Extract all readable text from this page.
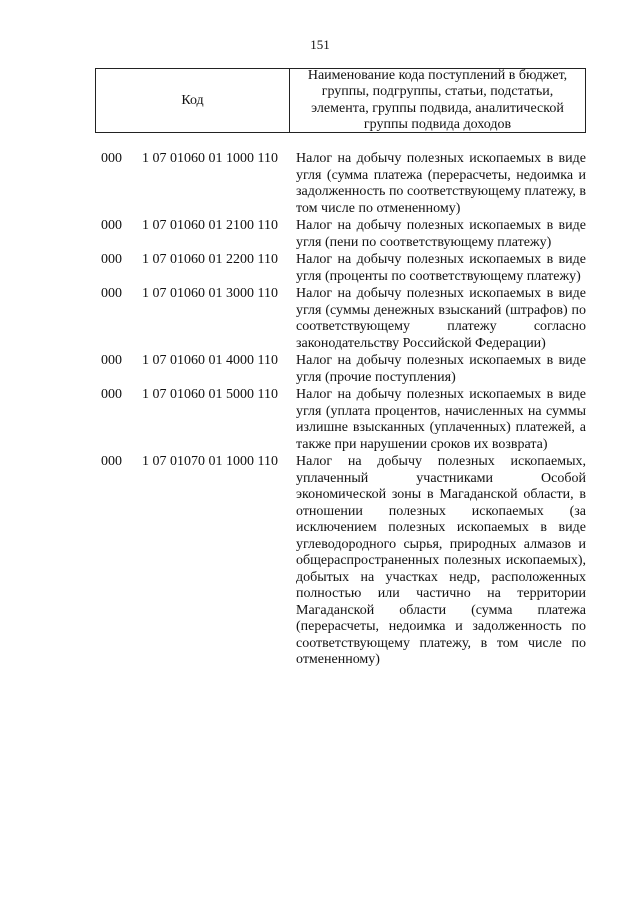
151
Код
Наименование кода поступлений в бюджет, группы, подгруппы, статьи, подстатьи, элемента, группы подвида, аналитической группы подвида доходов
000 1 07 01060 01 1000 110 Налог на добычу полезных ископаемых в виде угля (сумма платежа (перерасчеты, недоимка и задолженность по соответствующему платежу, в том числе по отмененному)
000 1 07 01060 01 2100 110 Налог на добычу полезных ископаемых в виде угля (пени по соответствующему платежу)
000 1 07 01060 01 2200 110 Налог на добычу полезных ископаемых в виде угля (проценты по соответствующему платежу)
000 1 07 01060 01 3000 110 Налог на добычу полезных ископаемых в виде угля (суммы денежных взысканий (штрафов) по соответствующему платежу согласно законодательству Российской Федерации)
000 1 07 01060 01 4000 110 Налог на добычу полезных ископаемых в виде угля (прочие поступления)
000 1 07 01060 01 5000 110 Налог на добычу полезных ископаемых в виде угля (уплата процентов, начисленных на суммы излишне взысканных (уплаченных) платежей, а также при нарушении сроков их возврата)
000 1 07 01070 01 1000 110 Налог на добычу полезных ископаемых, уплаченный участниками Особой экономической зоны в Магаданской области, в отношении полезных ископаемых (за исключением полезных ископаемых в виде углеводородного сырья, природных алмазов и общераспространенных полезных ископаемых), добытых на участках недр, расположенных полностью или частично на территории Магаданской области (сумма платежа (перерасчеты, недоимка и задолженность по соответствующему платежу, в том числе по отмененному)
